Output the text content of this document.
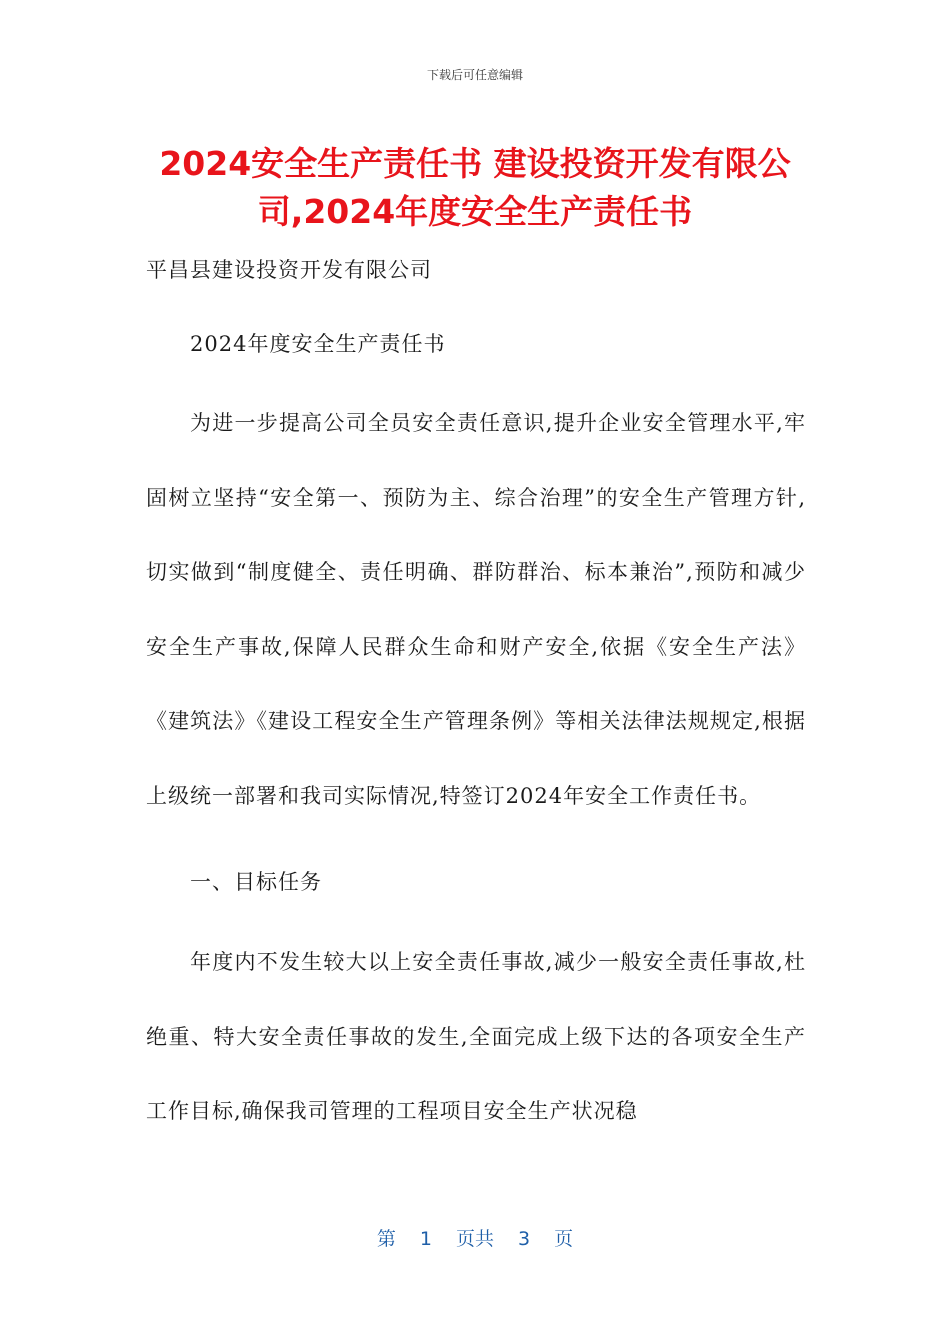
下载后可任意编辑
2024安全生产责任书 建设投资开发有限公司,2024年度安全生产责任书

平昌县建设投资开发有限公司

2024年度安全生产责任书

为进一步提高公司全员安全责任意识,提升企业安全管理水平,牢固树立坚持“安全第一、预防为主、综合治理”的安全生产管理方针,切实做到“制度健全、责任明确、群防群治、标本兼治”,预防和减少安全生产事故,保障人民群众生命和财产安全,依据《安全生产法》《建筑法》《建设工程安全生产管理条例》等相关法律法规规定,根据上级统一部署和我司实际情况,特签订2024年安全工作责任书。

一、目标任务

年度内不发生较大以上安全责任事故,减少一般安全责任事故,杜绝重、特大安全责任事故的发生,全面完成上级下达的各项安全生产工作目标,确保我司管理的工程项目安全生产状况稳

第 1 页共 3 页
